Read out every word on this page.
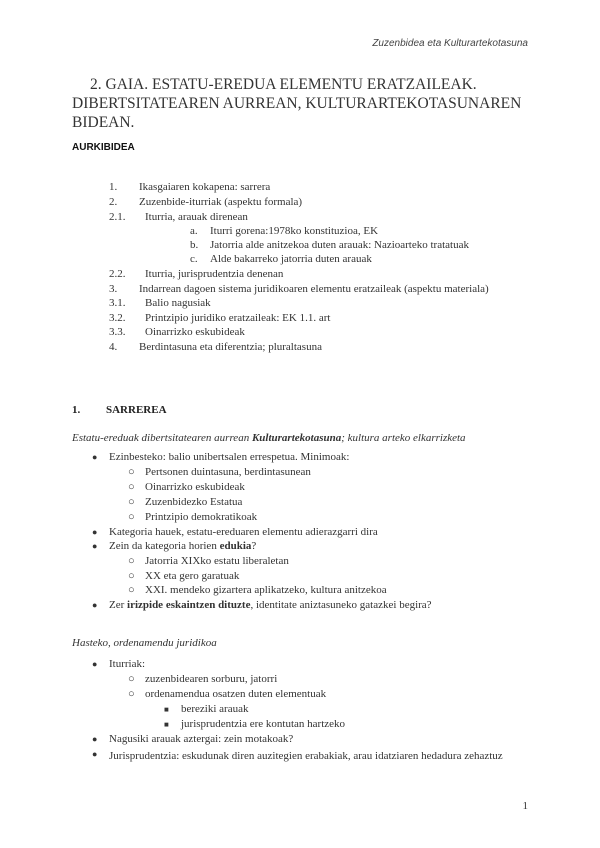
Zuzenbidea eta Kulturartekotasuna
2. GAIA. ESTATU-EREDUA ELEMENTU ERATZAILEAK.
DIBERTSITATEAREN AURREAN, KULTURARTEKOTASUNAREN
BIDEAN.
AURKIBIDEA
1. Ikasgaiaren kokapena: sarrera
2. Zuzenbide-iturriak (aspektu formala)
2.1. Iturria, arauak direnean
a. Iturri gorena:1978ko konstituzioa, EK
b. Jatorria alde anitzekoa duten arauak: Nazioarteko tratatuak
c. Alde bakarreko jatorria duten arauak
2.2. Iturria, jurisprudentzia denenan
3. Indarrean dagoen sistema juridikoaren elementu eratzaileak (aspektu materiala)
3.1. Balio nagusiak
3.2. Printzipio juridiko eratzaileak: EK 1.1. art
3.3. Oinarrizko eskubideak
4. Berdintasuna eta diferentzia; pluraltasuna
1. SARREREA
Estatu-ereduak dibertsitatearen aurrean Kulturartekotasuna; kultura arteko elkarrizketa
● Ezinbesteko: balio unibertsalen errespetua. Minimoak:
○ Pertsonen duintasuna, berdintasunean
○ Oinarrizko eskubideak
○ Zuzenbidezko Estatua
○ Printzipio demokratikoak
● Kategoria hauek, estatu-ereduaren elementu adierazgarri dira
● Zein da kategoria horien edukia?
○ Jatorria XIXko estatu liberaletan
○ XX eta gero garatuak
○ XXI. mendeko gizartera aplikatzeko, kultura anitzekoa
● Zer irizpide eskaintzen dituzte, identitate aniztasuneko gatazkei begira?
Hasteko, ordenamendu juridikoa
● Iturriak:
○ zuzenbidearen sorburu, jatorri
○ ordenamendua osatzen duten elementuak
■ bereziki arauak
■ jurisprudentzia ere kontutan hartzeko
● Nagusiki arauak aztergai: zein motakoak?
● Jurisprudentzia: eskudunak diren auzitegien erabakiak, arau idatziaren hedadura zehaztuz
1
